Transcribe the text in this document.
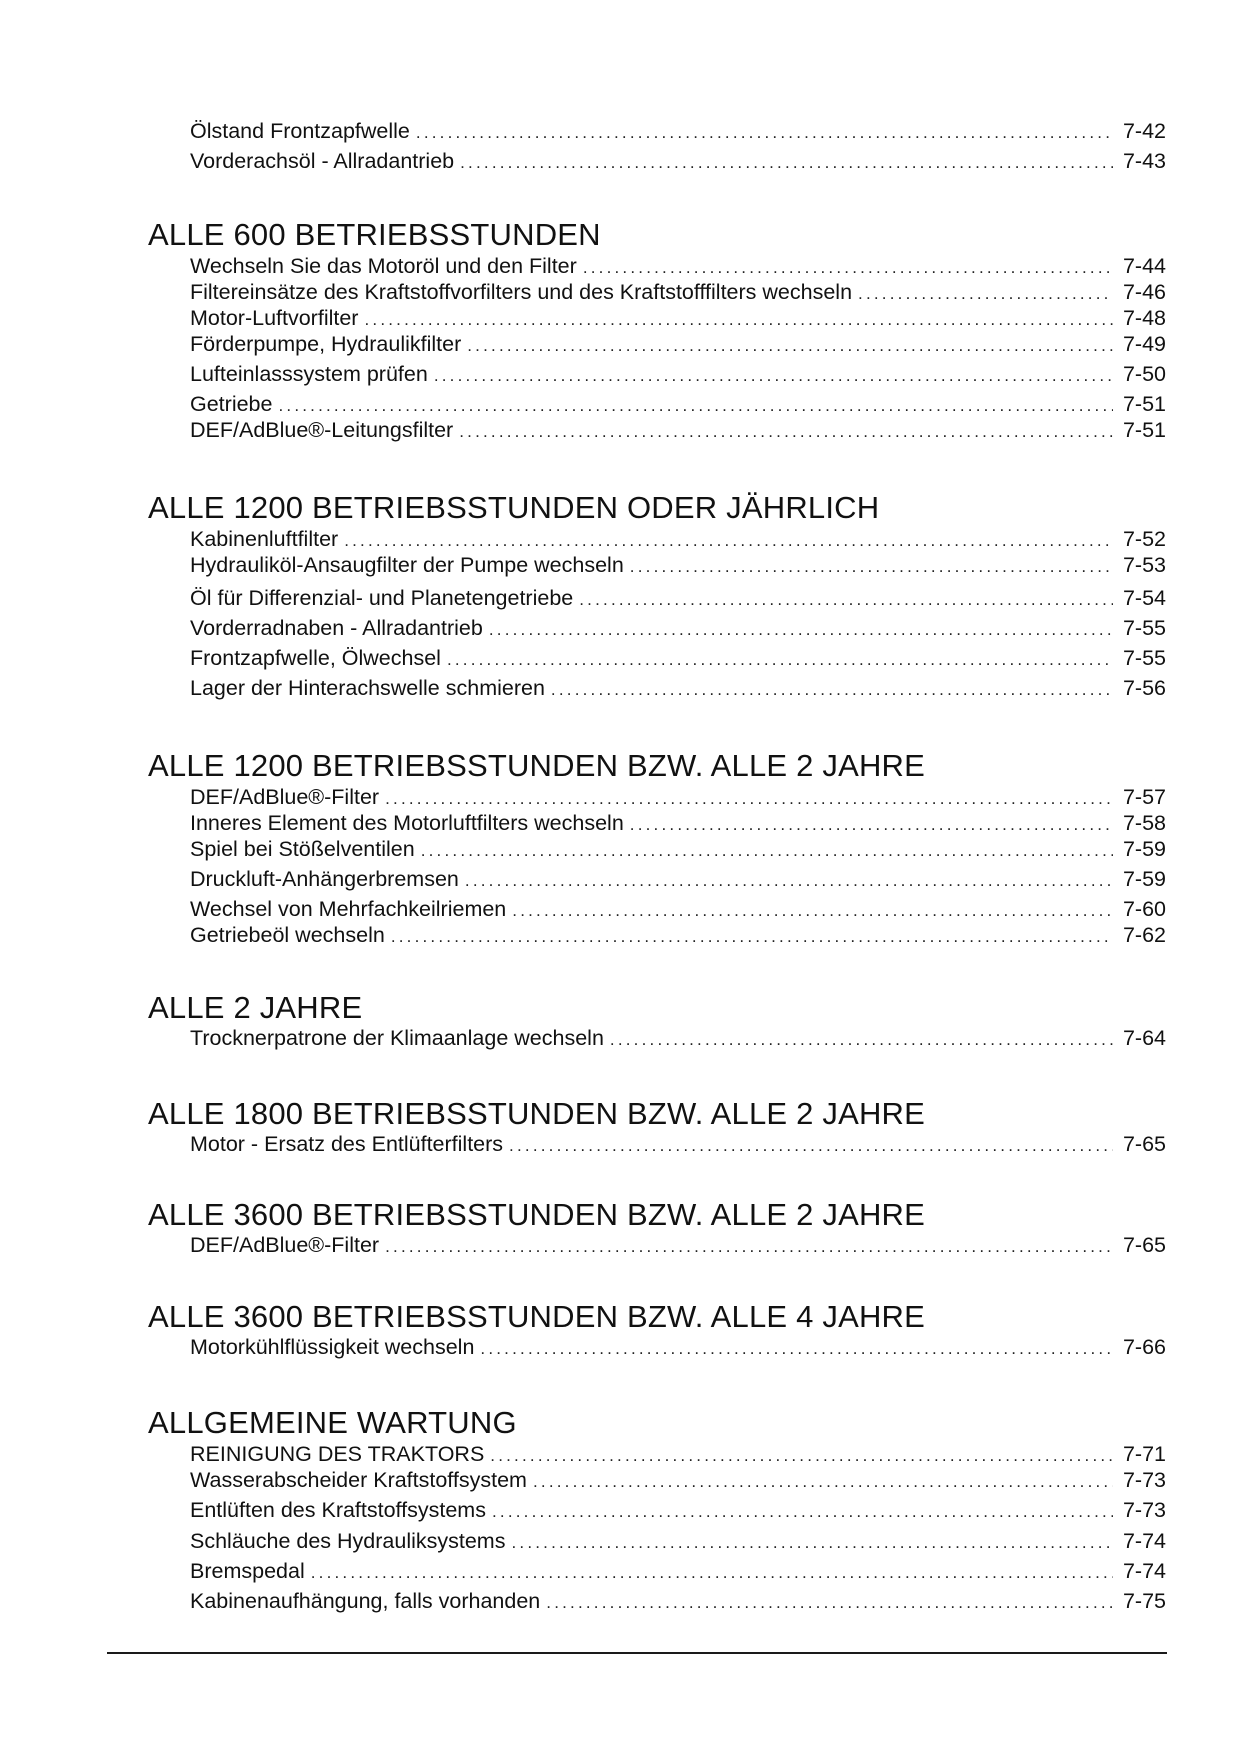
Ölstand Frontzapfwelle .....	7-42
Vorderachsöl - Allradantrieb .....	7-43
ALLE 600 BETRIEBSSTUNDEN
Wechseln Sie das Motoröl und den Filter .....	7-44
Filtereinsätze des Kraftstoffvorfilters und des Kraftstofffilters wechseln .....	7-46
Motor-Luftvorfilter .....	7-48
Förderpumpe, Hydraulikfilter .....	7-49
Lufteinlasssystem prüfen .....	7-50
Getriebe .....	7-51
DEF/AdBlue®-Leitungsfilter .....	7-51
ALLE 1200 BETRIEBSSTUNDEN ODER JÄHRLICH
Kabinenluftfilter .....	7-52
Hydrauliköl-Ansaugfilter der Pumpe wechseln .....	7-53
Öl für Differenzial- und Planetengetriebe .....	7-54
Vorderradnaben - Allradantrieb .....	7-55
Frontzapfwelle, Ölwechsel .....	7-55
Lager der Hinterachswelle schmieren .....	7-56
ALLE 1200 BETRIEBSSTUNDEN BZW. ALLE 2 JAHRE
DEF/AdBlue®-Filter .....	7-57
Inneres Element des Motorluftfilters wechseln .....	7-58
Spiel bei Stößelventilen .....	7-59
Druckluft-Anhängerbremsen .....	7-59
Wechsel von Mehrfachkeilriemen .....	7-60
Getriebeöl wechseln .....	7-62
ALLE 2 JAHRE
Trocknerpatrone der Klimaanlage wechseln .....	7-64
ALLE 1800 BETRIEBSSTUNDEN BZW. ALLE 2 JAHRE
Motor - Ersatz des Entlüfterfilters .....	7-65
ALLE 3600 BETRIEBSSTUNDEN BZW. ALLE 2 JAHRE
DEF/AdBlue®-Filter .....	7-65
ALLE 3600 BETRIEBSSTUNDEN BZW. ALLE 4 JAHRE
Motorkühlflüssigkeit wechseln .....	7-66
ALLGEMEINE WARTUNG
REINIGUNG DES TRAKTORS .....	7-71
Wasserabscheider Kraftstoffsystem .....	7-73
Entlüften des Kraftstoffsystems .....	7-73
Schläuche des Hydrauliksystems .....	7-74
Bremspedal .....	7-74
Kabinenaufhängung, falls vorhanden .....	7-75
